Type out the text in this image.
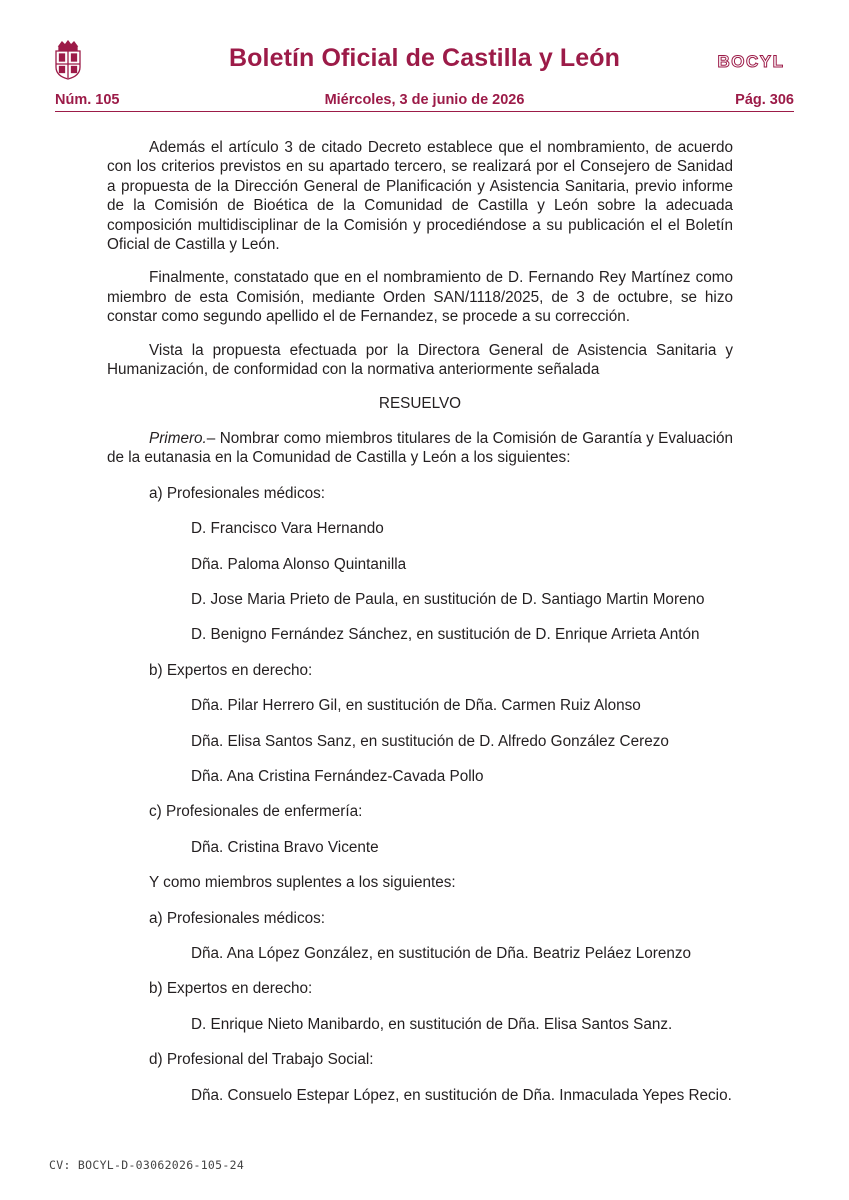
Boletín Oficial de Castilla y León	BOCYL
Miércoles, 3 de junio de 2026
Núm. 105	Pág. 306

Además el artículo 3 de citado Decreto establece que el nombramiento, de acuerdo con los criterios previstos en su apartado tercero, se realizará por el Consejero de Sanidad a propuesta de la Dirección General de Planificación y Asistencia Sanitaria, previo informe de la Comisión de Bioética de la Comunidad de Castilla y León sobre la adecuada composición multidisciplinar de la Comisión y procediéndose a su publicación el el Boletín Oficial de Castilla y León.

Finalmente, constatado que en el nombramiento de D. Fernando Rey Martínez como miembro de esta Comisión, mediante Orden SAN/1118/2025, de 3 de octubre, se hizo constar como segundo apellido el de Fernandez, se procede a su corrección.

Vista la propuesta efectuada por la Directora General de Asistencia Sanitaria y Humanización, de conformidad con la normativa anteriormente señalada

RESUELVO

Primero.– Nombrar como miembros titulares de la Comisión de Garantía y Evaluación de la eutanasia en la Comunidad de Castilla y León a los siguientes:

a) Profesionales médicos:

D. Francisco Vara Hernando

Dña. Paloma Alonso Quintanilla

D. Jose Maria Prieto de Paula, en sustitución de D. Santiago Martin Moreno

D. Benigno Fernández Sánchez, en sustitución de D. Enrique Arrieta Antón

b) Expertos en derecho:

Dña. Pilar Herrero Gil, en sustitución de Dña. Carmen Ruiz Alonso

Dña. Elisa Santos Sanz, en sustitución de D. Alfredo González Cerezo

Dña. Ana Cristina Fernández-Cavada Pollo

c) Profesionales de enfermería:

Dña. Cristina Bravo Vicente

Y como miembros suplentes a los siguientes:

a) Profesionales médicos:

Dña. Ana López González, en sustitución de Dña. Beatriz Peláez Lorenzo

b) Expertos en derecho:

D. Enrique Nieto Manibardo, en sustitución de Dña. Elisa Santos Sanz.

d) Profesional del Trabajo Social:

Dña. Consuelo Estepar López, en sustitución de Dña. Inmaculada Yepes Recio.

CV: BOCYL-D-03062026-105-24
